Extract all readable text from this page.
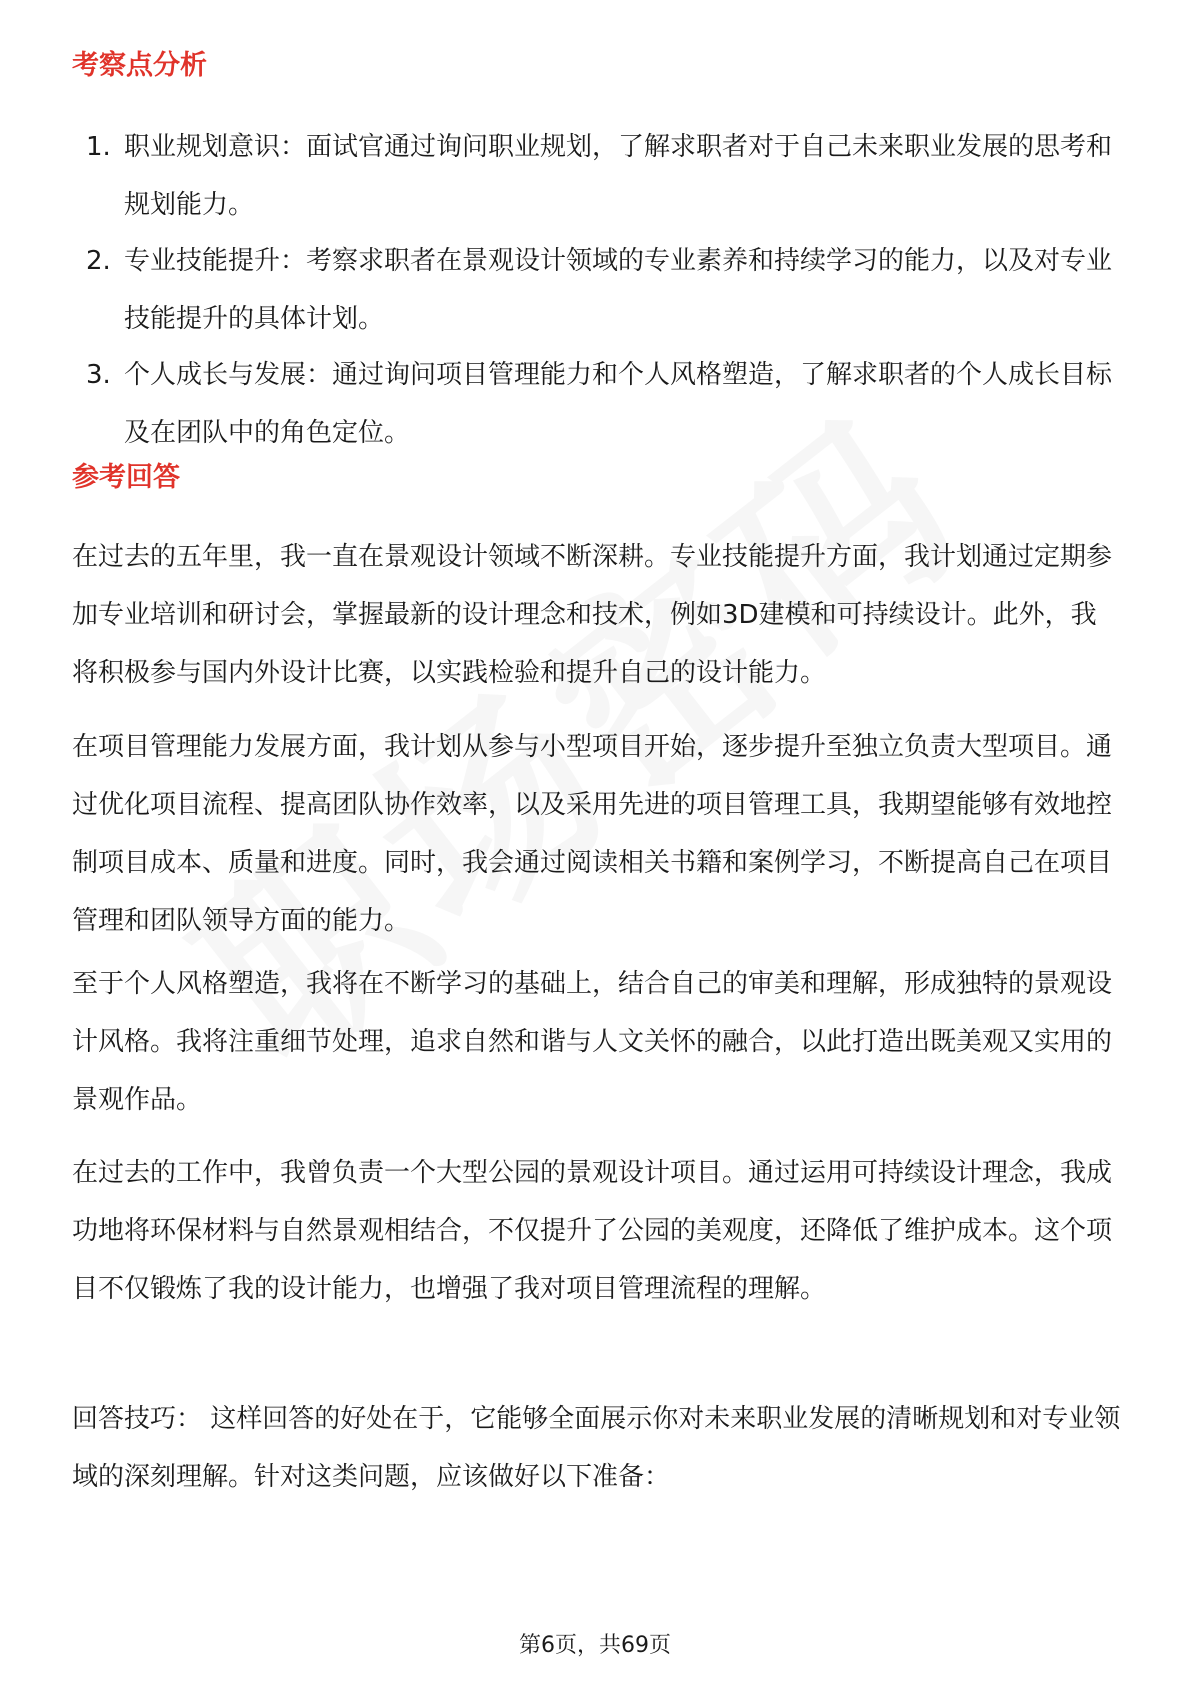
考察点分析
1. 职业规划意识：面试官通过询问职业规划，了解求职者对于自己未来职业发展的思考和规划能力。
2. 专业技能提升：考察求职者在景观设计领域的专业素养和持续学习的能力，以及对专业技能提升的具体计划。
3. 个人成长与发展：通过询问项目管理能力和个人风格塑造，了解求职者的个人成长目标及在团队中的角色定位。
参考回答

在过去的五年里，我一直在景观设计领域不断深耕。专业技能提升方面，我计划通过定期参加专业培训和研讨会，掌握最新的设计理念和技术，例如3D建模和可持续设计。此外，我将积极参与国内外设计比赛，以实践检验和提升自己的设计能力。

在项目管理能力发展方面，我计划从参与小型项目开始，逐步提升至独立负责大型项目。通过优化项目流程、提高团队协作效率，以及采用先进的项目管理工具，我期望能够有效地控制项目成本、质量和进度。同时，我会通过阅读相关书籍和案例学习，不断提高自己在项目管理和团队领导方面的能力。

至于个人风格塑造，我将在不断学习的基础上，结合自己的审美和理解，形成独特的景观设计风格。我将注重细节处理，追求自然和谐与人文关怀的融合，以此打造出既美观又实用的景观作品。

在过去的工作中，我曾负责一个大型公园的景观设计项目。通过运用可持续设计理念，我成功地将环保材料与自然景观相结合，不仅提升了公园的美观度，还降低了维护成本。这个项目不仅锻炼了我的设计能力，也增强了我对项目管理流程的理解。

回答技巧： 这样回答的好处在于，它能够全面展示你对未来职业发展的清晰规划和对专业领域的深刻理解。针对这类问题，应该做好以下准备：

第6页，共69页
